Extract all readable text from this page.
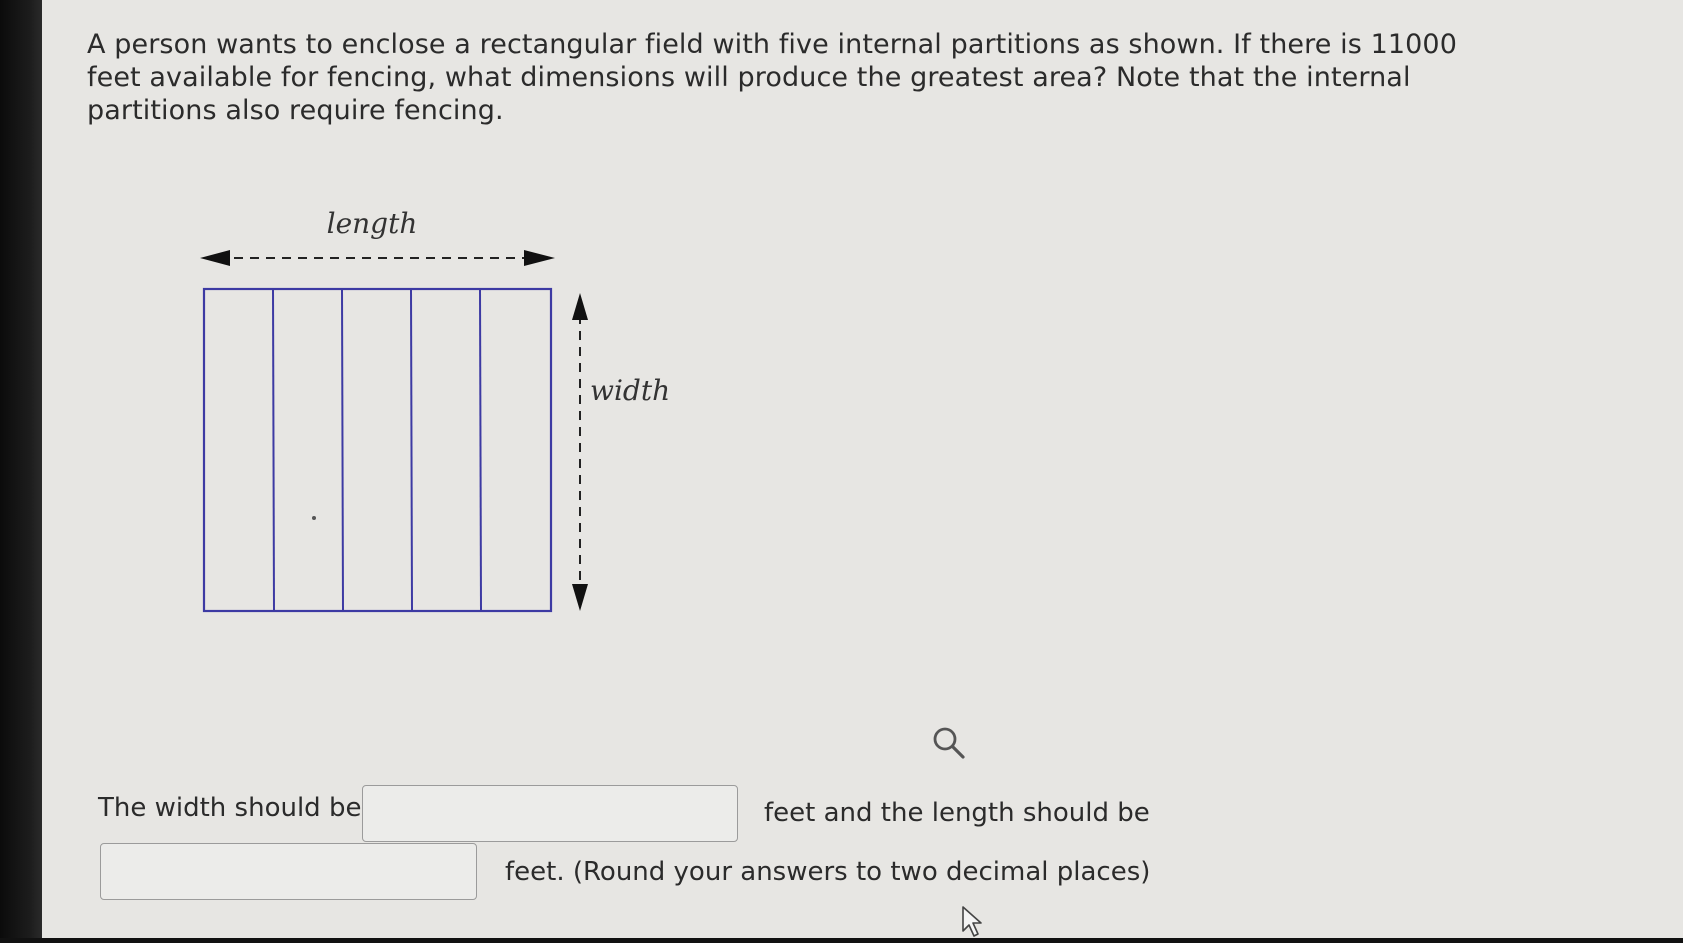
A person wants to enclose a rectangular field with five internal partitions as shown. If there is 11000 feet available for fencing, what dimensions will produce the greatest area? Note that the internal partitions also require fencing.
length
width
The width should be	feet and the length should be
feet. (Round your answers to two decimal places)
